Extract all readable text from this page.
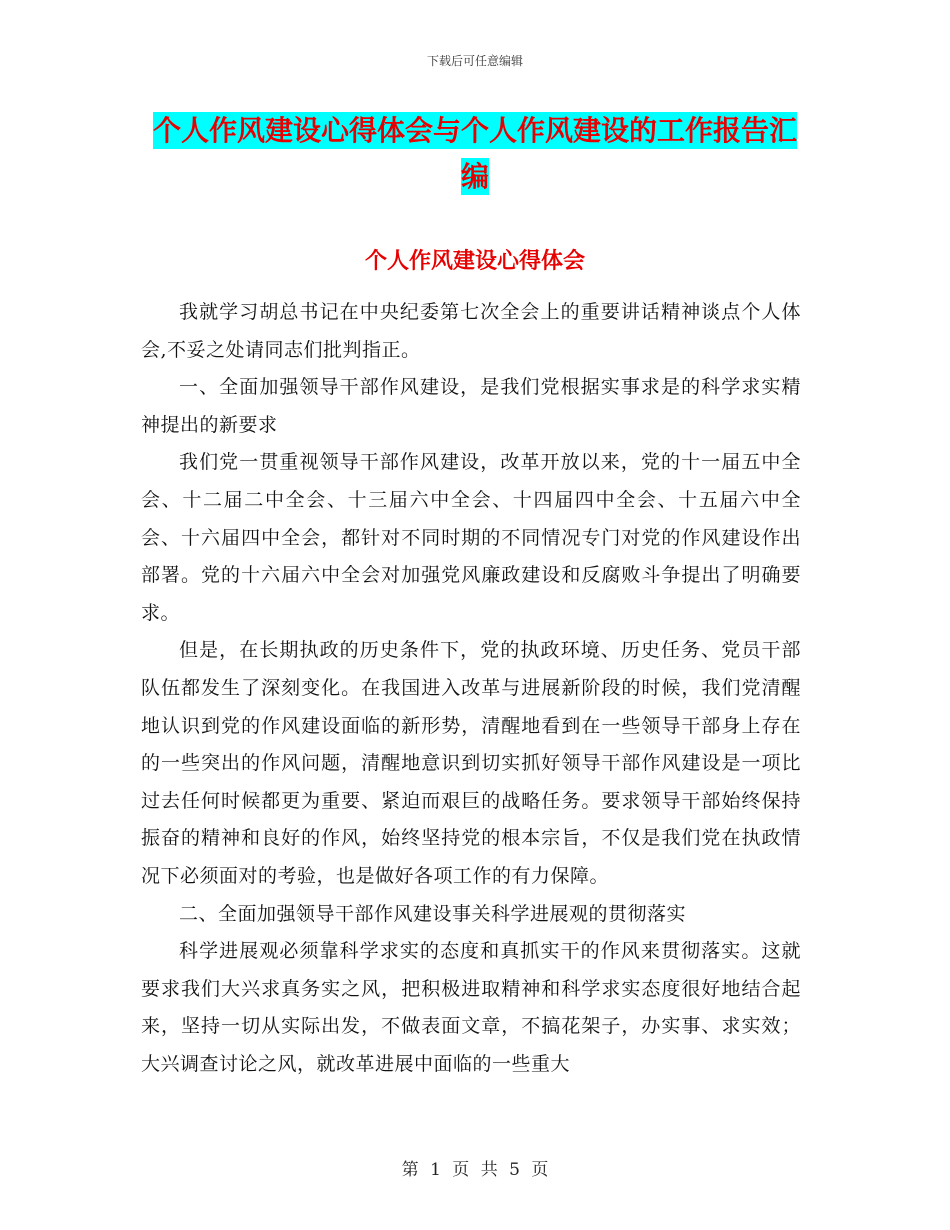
下载后可任意编辑
个人作风建设心得体会与个人作风建设的工作报告汇
编
个人作风建设心得体会

我就学习胡总书记在中央纪委第七次全会上的重要讲话精神谈点个人体会,不妥之处请同志们批判指正。

一、全面加强领导干部作风建设，是我们党根据实事求是的科学求实精神提出的新要求

我们党一贯重视领导干部作风建设，改革开放以来，党的十一届五中全会、十二届二中全会、十三届六中全会、十四届四中全会、十五届六中全会、十六届四中全会，都针对不同时期的不同情况专门对党的作风建设作出部署。党的十六届六中全会对加强党风廉政建设和反腐败斗争提出了明确要求。

但是，在长期执政的历史条件下，党的执政环境、历史任务、党员干部队伍都发生了深刻变化。在我国进入改革与进展新阶段的时候，我们党清醒地认识到党的作风建设面临的新形势，清醒地看到在一些领导干部身上存在的一些突出的作风问题，清醒地意识到切实抓好领导干部作风建设是一项比过去任何时候都更为重要、紧迫而艰巨的战略任务。要求领导干部始终保持振奋的精神和良好的作风，始终坚持党的根本宗旨，不仅是我们党在执政情况下必须面对的考验，也是做好各项工作的有力保障。

二、全面加强领导干部作风建设事关科学进展观的贯彻落实

科学进展观必须靠科学求实的态度和真抓实干的作风来贯彻落实。这就要求我们大兴求真务实之风，把积极进取精神和科学求实态度很好地结合起来，坚持一切从实际出发，不做表面文章，不搞花架子，办实事、求实效；大兴调查讨论之风，就改革进展中面临的一些重大

第 1 页 共 5 页
